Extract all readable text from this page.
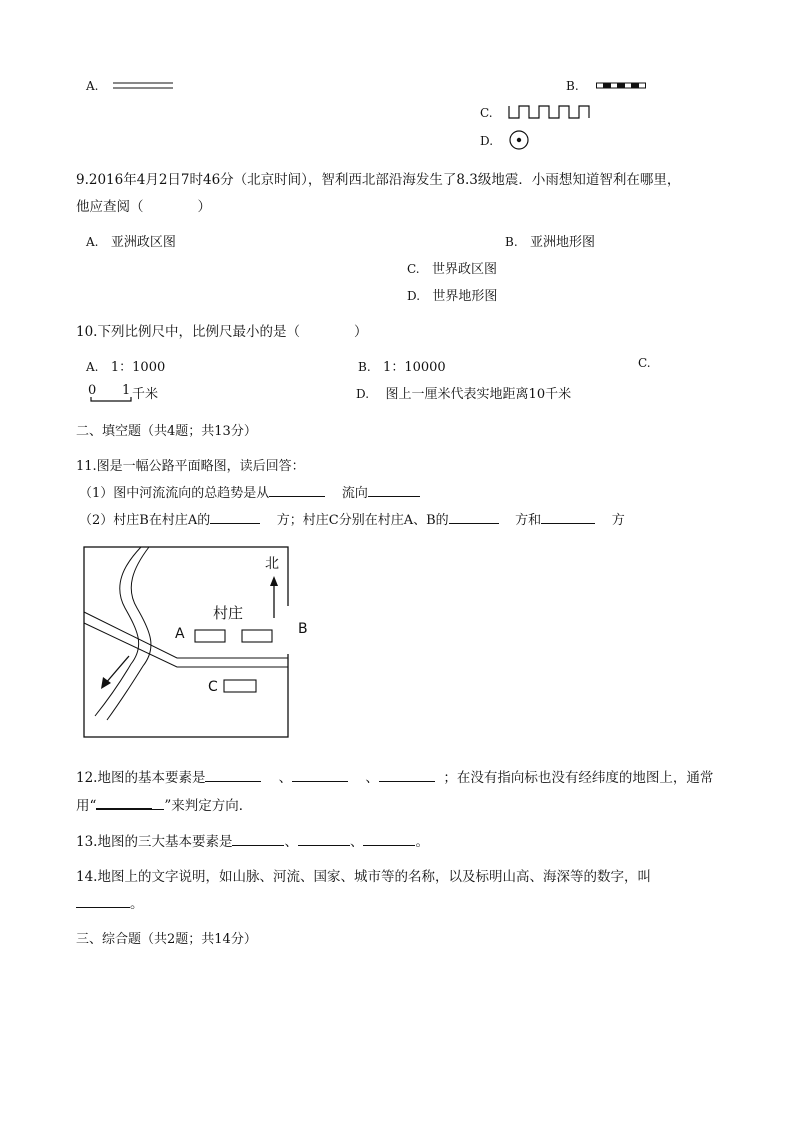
A.	B.
C.
D.
9.2016年4月2日7时46分（北京时间），智利西北部沿海发生了8.3级地震．小雨想知道智利在哪里，
他应查阅（　　　　）
A. 亚洲政区图	B. 亚洲地形图
C. 世界政区图
D. 世界地形图
10.下列比例尺中，比例尺最小的是（　　　　）
A. 1：1000	B. 1：10000	C.
0 1 千米	D. 图上一厘米代表实地距离10千米
二、填空题（共4题；共13分）
11.图是一幅公路平面略图，读后回答：
（1）图中河流流向的总趋势是从	流向
（2）村庄B在村庄A的	方；村庄C分别在村庄A、B的	方和	方
北
村庄
A	B
C
12.地图的基本要素是	、	、	；在没有指向标也没有经纬度的地图上，通常
用“	”来判定方向．
13.地图的三大基本要素是	、	、	。
14.地图上的文字说明，如山脉、河流、国家、城市等的名称，以及标明山高、海深等的数字，叫
。
三、综合题（共2题；共14分）
